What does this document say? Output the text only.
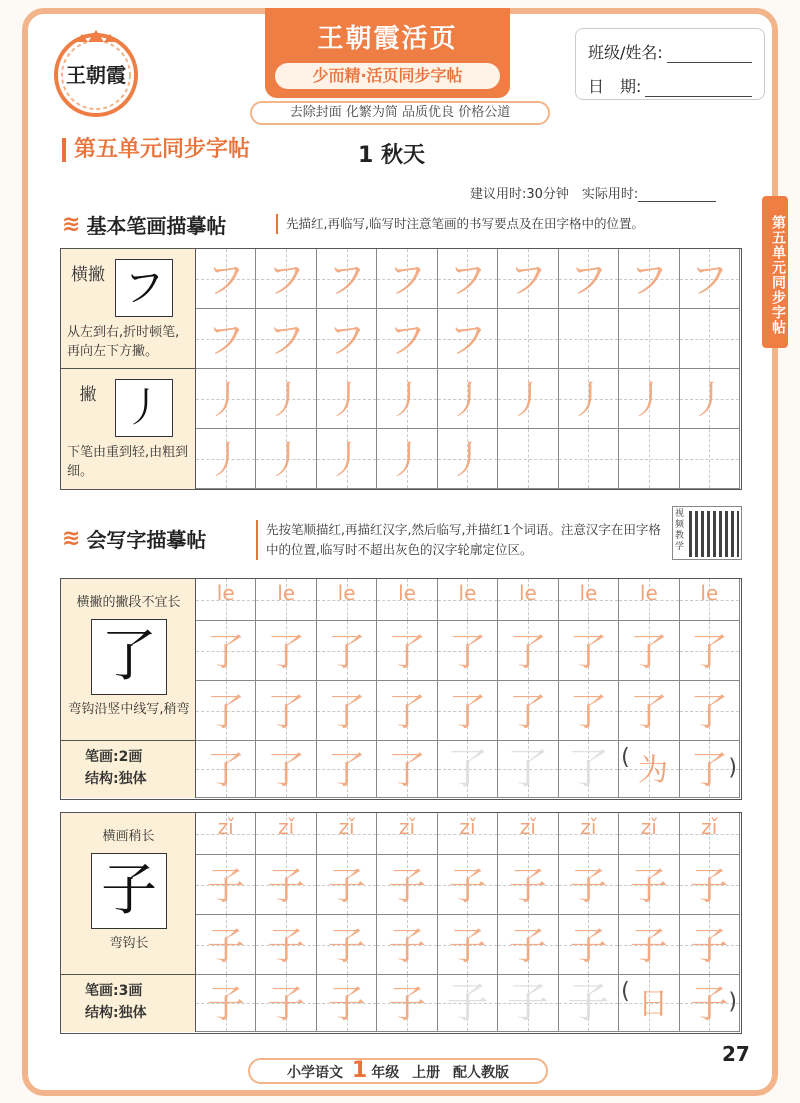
王朝霞
王朝霞活页
少而精·活页同步字帖
去除封面 化繁为简 品质优良 价格公道
班级/姓名:
日　期:
第五单元同步字帖	1 秋天
建议用时:30分钟　实际用时:
第五单元同步字帖
≋ 基本笔画描摹帖	先描红,再临写,临写时注意笔画的书写要点及在田字格中的位置。
横撇 フ
从左到右,折时顿笔,再向左下方撇。
フ フ フ フ フ フ フ フ フ
フ フ フ フ フ
撇 丿
下笔由重到轻,由粗到细。
丿 丿 丿 丿 丿 丿 丿 丿 丿
丿 丿 丿 丿 丿
≋ 会写字描摹帖	先按笔顺描红,再描红汉字,然后临写,并描红1个词语。注意汉字在田字格中的位置,临写时不超出灰色的汉字轮廓定位区。
视频教学
横撇的撇段不宜长
了
弯钩沿竖中线写,稍弯
笔画:2画
结构:独体
le	le	le	le	le	le	le	le	le
了 了 了 了 了 了 了 了 了
了 了 了 了 了 了 了 了 了
了 了 了 了 了 了 了 ( 为 了 )
横画稍长
子
弯钩长
笔画:3画
结构:独体
zǐ	zǐ	zǐ	zǐ	zǐ	zǐ	zǐ	zǐ	zǐ
子 子 子 子 子 子 子 子 子
子 子 子 子 子 子 子 子 子
子 子 子 子 子 子 子 ( 日 子 )
小学语文 1 年级 上册 配人教版
27
